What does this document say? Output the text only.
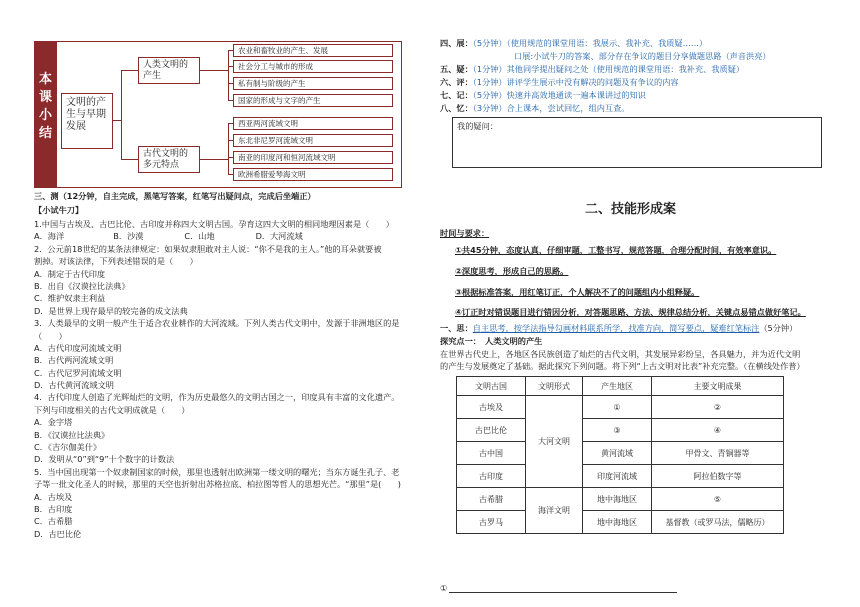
本
课
小
结
文明的产生与早期发展
人类文明的产生
古代文明的多元特点
农业和畜牧业的产生、发展
社会分工与城市的形成
私有制与阶级的产生
国家的形成与文字的产生
西亚两河流域文明
东北非尼罗河流域文明
南亚的印度河和恒河流域文明
欧洲希腊爱琴海文明
三、测（12分钟，自主完成，黑笔写答案，红笔写出疑问点，完成后坐端正）
【小试牛刀】
1.中国与古埃及、古巴比伦、古印度并称四大文明古国。孕育这四大文明的相同地理因素是（　　）
A．海洋　　　　　　B．沙漠　　　　　C．山地　　　　　D．大河流域
2．公元前18世纪的某条法律规定：如果奴隶胆敢对主人说：“你不是我的主人。”他的耳朵就要被
割掉。对该法律，下列表述错误的是（　　）
A．制定于古代印度
B．出自《汉谟拉比法典》
C．维护奴隶主利益
D．是世界上现存最早的较完备的成文法典
3．人类最早的文明一般产生于适合农业耕作的大河流域。下列人类古代文明中，发源于非洲地区的是
（　　）
A．古代印度河流域文明
B．古代两河流域文明
C．古代尼罗河流域文明
D．古代黄河流域文明
4．古代印度人创造了光辉灿烂的文明，作为历史最悠久的文明古国之一，印度具有丰富的文化遗产。
下列与印度相关的古代文明成就是（　　）
A．金字塔
B．《汉谟拉比法典》
C．《吉尔伽美什》
D．发明从“0”到“9”十个数字的计数法
5．当中国出现第一个奴隶制国家的时候，那里也透射出欧洲第一缕文明的曙光；当东方诞生孔子、老
子等一批文化圣人的时候，那里的天空也折射出苏格拉底、柏拉图等哲人的思想光芒。“那里”是(　　)
A．古埃及
B．古印度
C．古希腊
D．古巴比伦
四、展：（5分钟）（使用规范的课堂用语：我展示、我补充、我质疑……）
口展:小试牛刀的答案、部分存在争议的题目分享做题思路（声音洪亮）
五、疑：（1分钟）其他同学提出疑问之处（使用规范的课堂用语：我补充、我质疑）
六、评：（1分钟）讲评学生展示中没有解决的问题及有争议的内容
七、记：（5分钟）快速并高效地通读一遍本课讲过的知识
八、忆：（3分钟）合上课本，尝试回忆，组内互查。
我的疑问：
二、技能形成案
时间与要求：
①共45分钟，态度认真，仔细审题，工整书写，规范答题，合理分配时间，有效率意识。
②深度思考，形成自己的思路。
③根据标准答案，用红笔订正，个人解决不了的问题组内小组释疑。
④订正时对错误题目进行错因分析，对答题思路、方法、规律总结分析，关键点易错点做好笔记。
一、思：自主思考，按学法指导勾画材料联系所学，找准方向，简写要点，疑难红笔标注（5分钟）
探究点一：　人类文明的产生
在世界古代史上，各地区各民族创造了灿烂的古代文明，其发展异彩纷呈，各具魅力，并为近代文明
的产生与发展奠定了基础。据此探究下列问题。将下列“上古文明对比表”补充完整。（在横线处作普）
文明古国	文明形式	产生地区	主要文明成果
古埃及	大河文明	①	②
古巴比伦		③	④
古中国		黄河流域	甲骨文、青铜器等
古印度		印度河流域	阿拉伯数字等
古希腊	海洋文明	地中海地区	⑤
古罗马		地中海地区	基督教（或罗马法，儒略历）
①
